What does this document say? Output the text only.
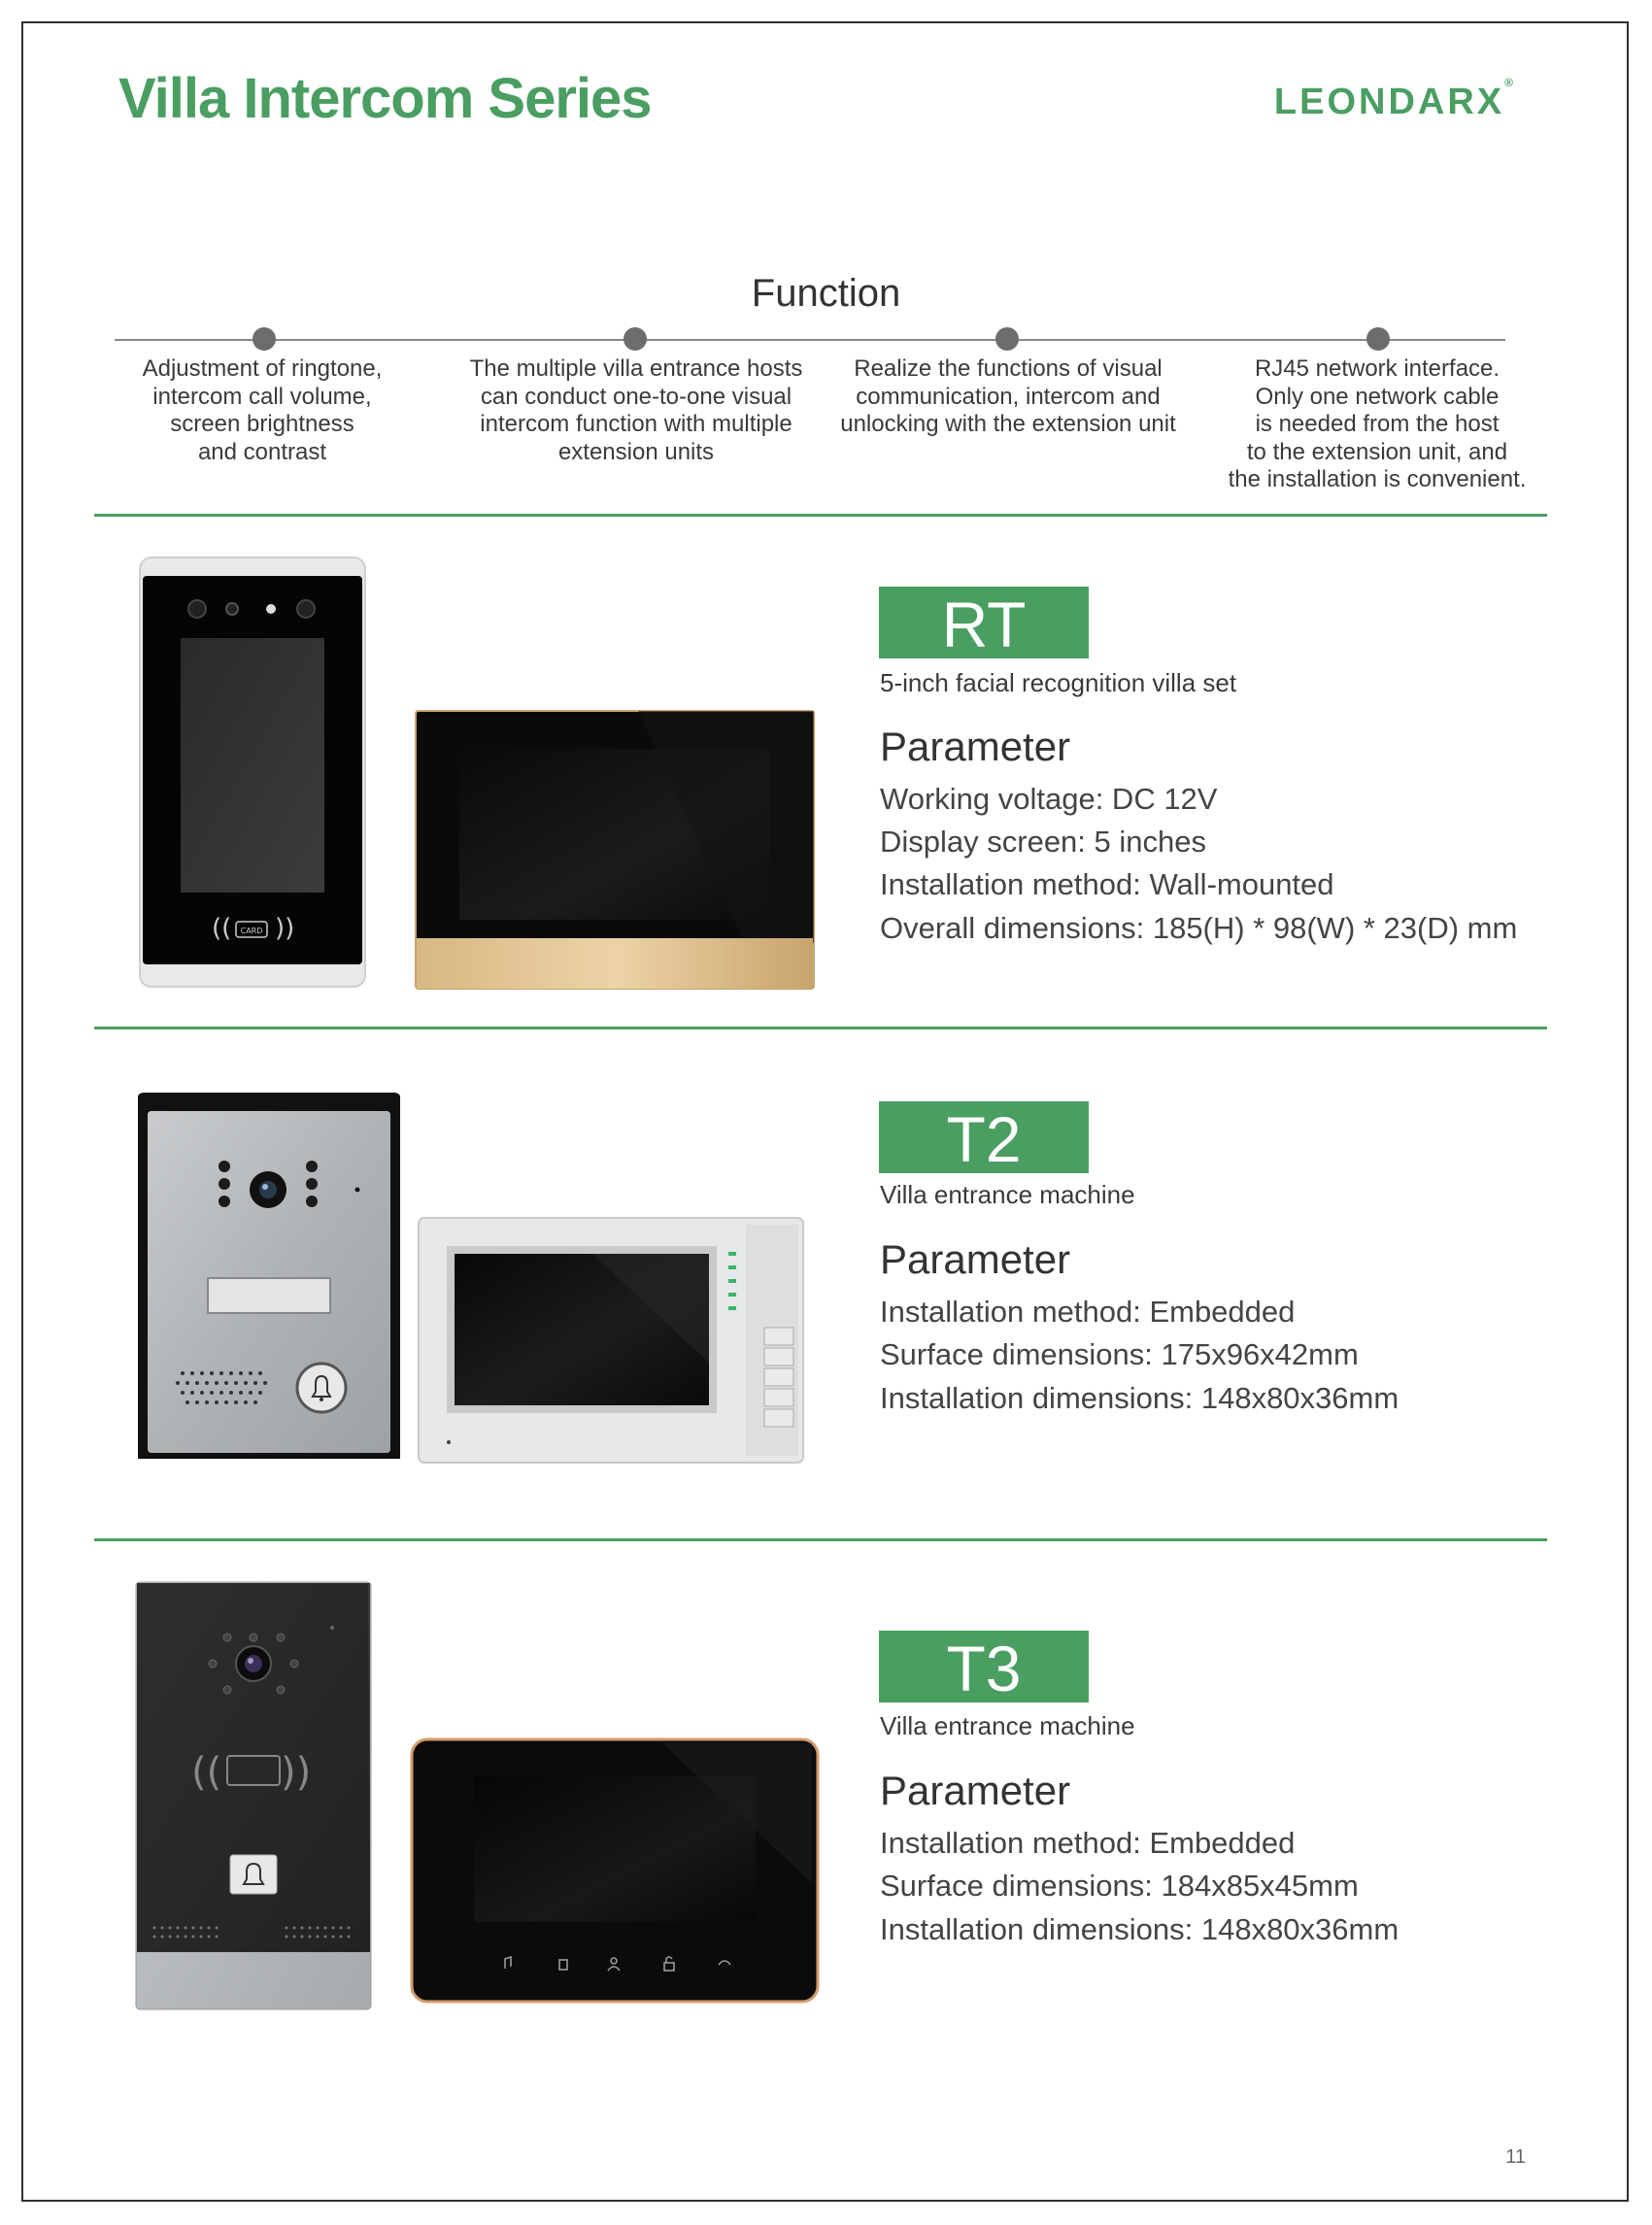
Villa Intercom Series	LEONDARX®
Function
Adjustment of ringtone,
intercom call volume,
screen brightness
and contrast
The multiple villa entrance hosts
can conduct one-to-one visual
intercom function with multiple
extension units
Realize the functions of visual
communication, intercom and
unlocking with the extension unit
RJ45 network interface.
Only one network cable
is needed from the host
to the extension unit, and
the installation is convenient.
(( CARD ))
RT
5-inch facial recognition villa set
Parameter
Working voltage: DC 12V
Display screen: 5 inches
Installation method: Wall-mounted
Overall dimensions: 185(H) * 98(W) * 23(D) mm
T2
Villa entrance machine
Parameter
Installation method: Embedded
Surface dimensions: 175x96x42mm
Installation dimensions: 148x80x36mm
(( ))
T3
Villa entrance machine
Parameter
Installation method: Embedded
Surface dimensions: 184x85x45mm
Installation dimensions: 148x80x36mm
11
